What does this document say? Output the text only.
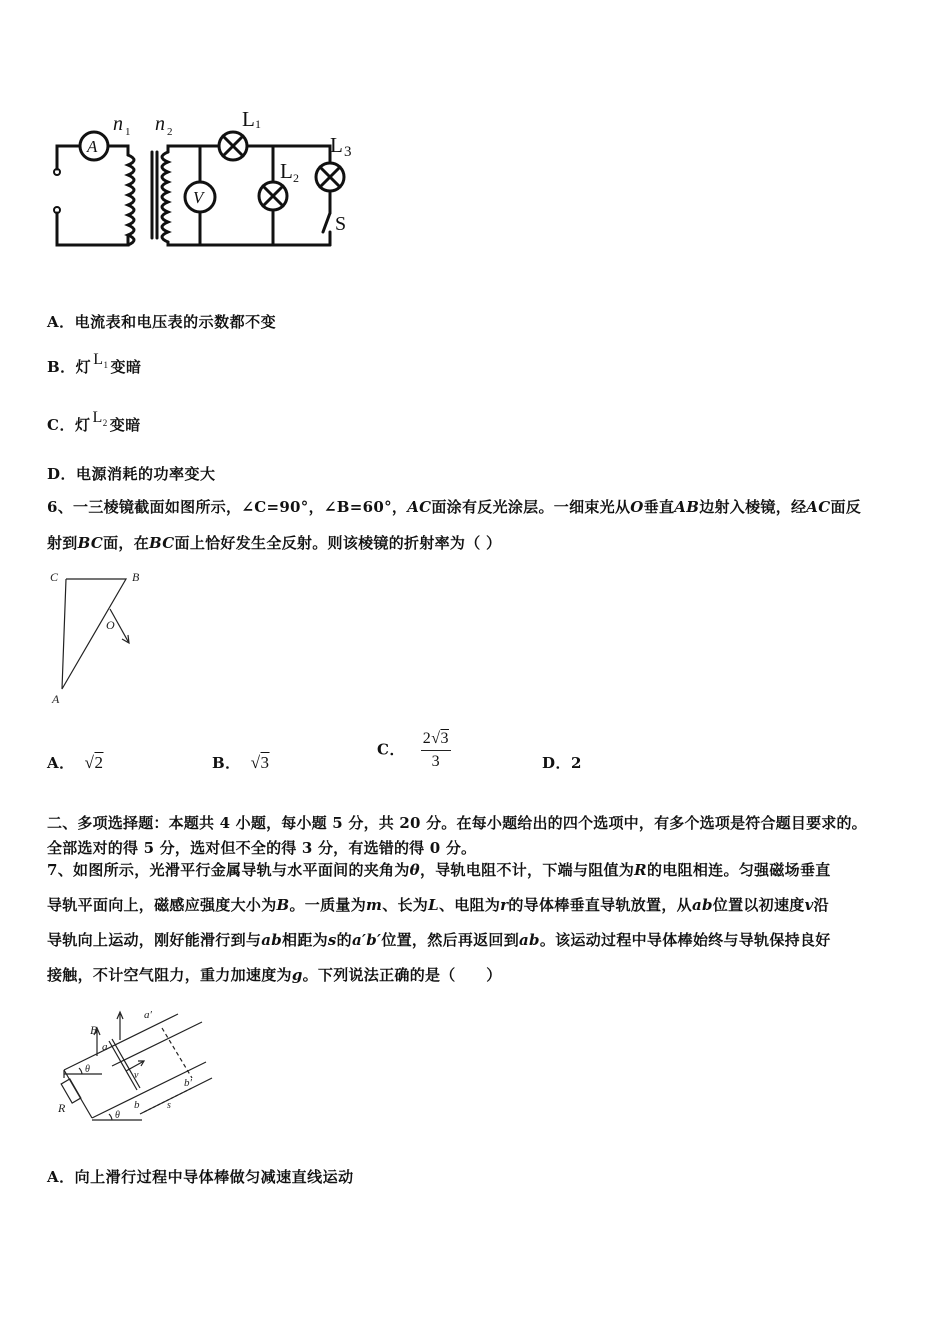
A
V
n 1 n 2
L 1
L 2
L 3
S
A．电流表和电压表的示数都不变
B．灯 $L_1$ 变暗
C．灯 $L_2$ 变暗
D．电源消耗的功率变大
6、一三棱镜截面如图所示，∠C=90°，∠B=60°，AC面涂有反光涂层。一细束光从O垂直AB边射入棱镜，经AC面反
射到BC面，在BC面上恰好发生全反射。则该棱镜的折射率为（ ）
C	B
O
A
A． √2	B． √3
C． $\frac{2√3}{3}$	D．2
二、多项选择题：本题共 4 小题，每小题 5 分，共 20 分。在每小题给出的四个选项中，有多个选项是符合题目要求的。
全部选对的得 5 分，选对但不全的得 3 分，有选错的得 0 分。
7、如图所示，光滑平行金属导轨与水平面间的夹角为θ，导轨电阻不计，下端与阻值为R的电阻相连。匀强磁场垂直
导轨平面向上，磁感应强度大小为B。一质量为m、长为L、电阻为r的导体棒垂直导轨放置，从ab位置以初速度v沿
导轨向上运动，刚好能滑行到与ab相距为s的a′b′位置，然后再返回到ab。该运动过程中导体棒始终与导轨保持良好
接触，不计空气阻力，重力加速度为g。下列说法正确的是（　　）
B
a
a′
v
θ
θ
R	b
b′
s
A．向上滑行过程中导体棒做匀减速直线运动
